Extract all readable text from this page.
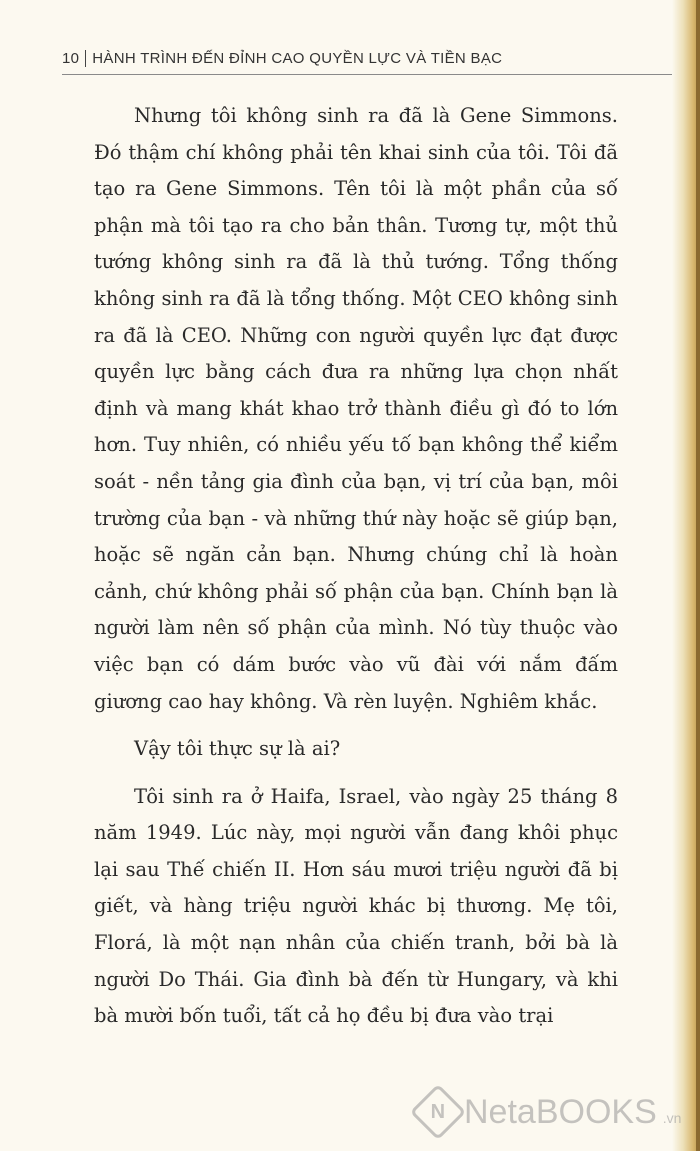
10 HÀNH TRÌNH ĐẾN ĐỈNH CAO QUYỀN LỰC VÀ TIỀN BẠC

Nhưng tôi không sinh ra đã là Gene Simmons. Đó thậm chí không phải tên khai sinh của tôi. Tôi đã tạo ra Gene Simmons. Tên tôi là một phần của số phận mà tôi tạo ra cho bản thân. Tương tự, một thủ tướng không sinh ra đã là thủ tướng. Tổng thống không sinh ra đã là tổng thống. Một CEO không sinh ra đã là CEO. Những con người quyền lực đạt được quyền lực bằng cách đưa ra những lựa chọn nhất định và mang khát khao trở thành điều gì đó to lớn hơn. Tuy nhiên, có nhiều yếu tố bạn không thể kiểm soát - nền tảng gia đình của bạn, vị trí của bạn, môi trường của bạn - và những thứ này hoặc sẽ giúp bạn, hoặc sẽ ngăn cản bạn. Nhưng chúng chỉ là hoàn cảnh, chứ không phải số phận của bạn. Chính bạn là người làm nên số phận của mình. Nó tùy thuộc vào việc bạn có dám bước vào vũ đài với nắm đấm giương cao hay không. Và rèn luyện. Nghiêm khắc.

Vậy tôi thực sự là ai?

Tôi sinh ra ở Haifa, Israel, vào ngày 25 tháng 8 năm 1949. Lúc này, mọi người vẫn đang khôi phục lại sau Thế chiến II. Hơn sáu mươi triệu người đã bị giết, và hàng triệu người khác bị thương. Mẹ tôi, Florá, là một nạn nhân của chiến tranh, bởi bà là người Do Thái. Gia đình bà đến từ Hungary, và khi bà mười bốn tuổi, tất cả họ đều bị đưa vào trại

N NetaBOOKS .vn
